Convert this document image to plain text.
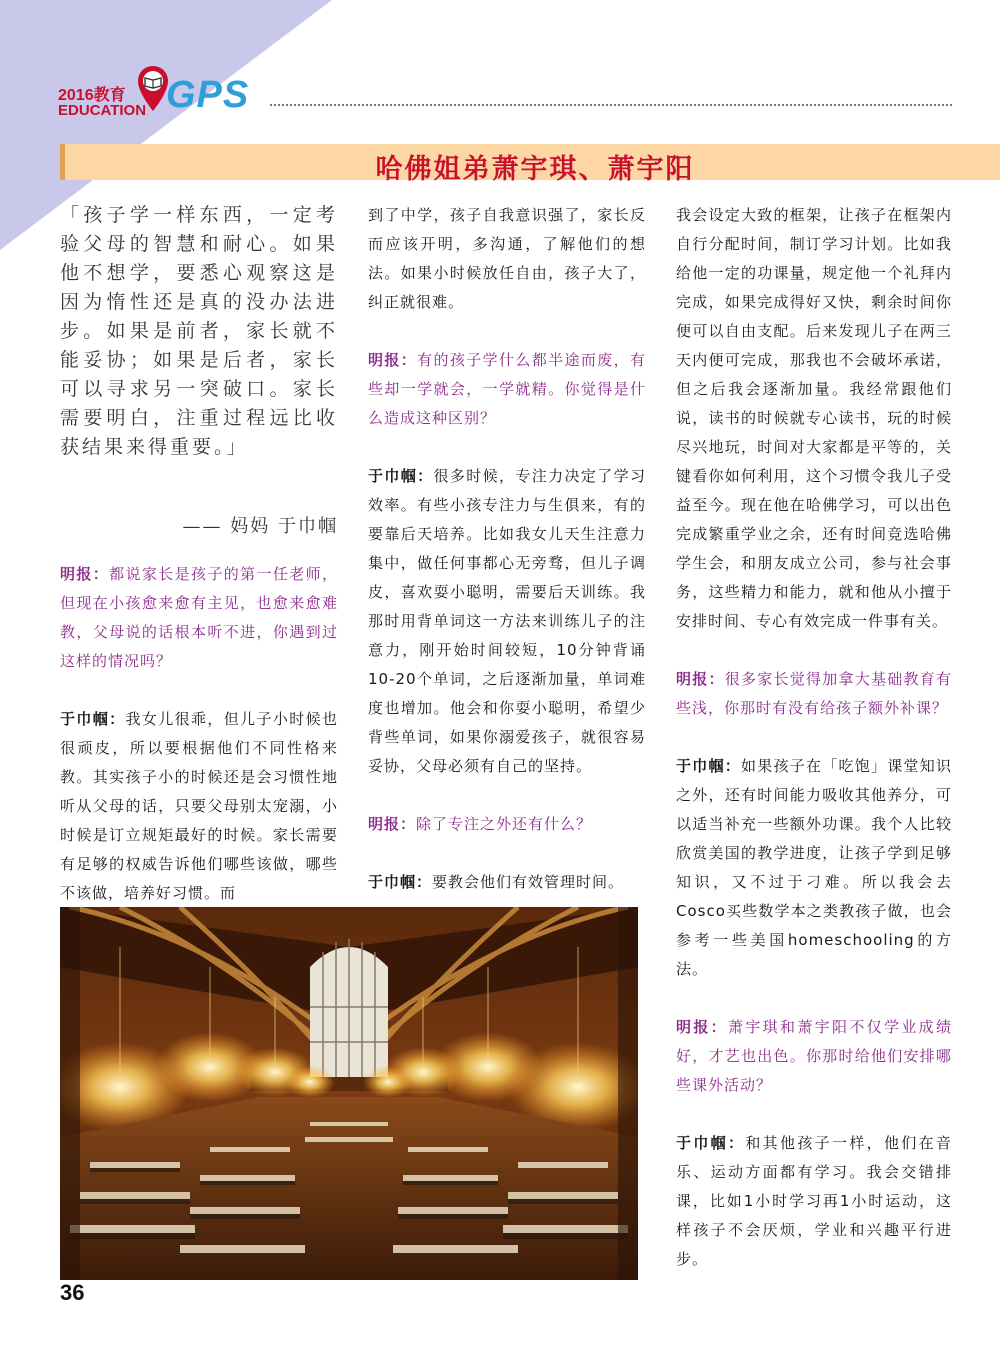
2016教育
EDUCATION GPS
哈佛姐弟萧宇琪、萧宇阳
「孩子学一样东西，一定考验父母的智慧和耐心。如果他不想学，要悉心观察这是因为惰性还是真的没办法进步。如果是前者，家长就不能妥协；如果是后者，家长可以寻求另一突破口。家长需要明白，注重过程远比收获结果来得重要。」
—— 妈妈 于巾帼

明报：都说家长是孩子的第一任老师，但现在小孩愈来愈有主见，也愈来愈难教，父母说的话根本听不进，你遇到过这样的情况吗？

于巾帼：我女儿很乖，但儿子小时候也很顽皮，所以要根据他们不同性格来教。其实孩子小的时候还是会习惯性地听从父母的话，只要父母别太宠溺，小时候是订立规矩最好的时候。家长需要有足够的权威告诉他们哪些该做，哪些不该做，培养好习惯。而

到了中学，孩子自我意识强了，家长反而应该开明，多沟通，了解他们的想法。如果小时候放任自由，孩子大了，纠正就很难。

明报：有的孩子学什么都半途而废，有些却一学就会，一学就精。你觉得是什么造成这种区别？

于巾帼：很多时候，专注力决定了学习效率。有些小孩专注力与生俱来，有的要靠后天培养。比如我女儿天生注意力集中，做任何事都心无旁骛，但儿子调皮，喜欢耍小聪明，需要后天训练。我那时用背单词这一方法来训练儿子的注意力，刚开始时间较短，10分钟背诵10-20个单词，之后逐渐加量，单词难度也增加。他会和你耍小聪明，希望少背些单词，如果你溺爱孩子，就很容易妥协，父母必须有自己的坚持。

明报：除了专注之外还有什么？

于巾帼：要教会他们有效管理时间。

我会设定大致的框架，让孩子在框架内自行分配时间，制订学习计划。比如我给他一定的功课量，规定他一个礼拜内完成，如果完成得好又快，剩余时间你便可以自由支配。后来发现儿子在两三天内便可完成，那我也不会破坏承诺，但之后我会逐渐加量。我经常跟他们说，读书的时候就专心读书，玩的时候尽兴地玩，时间对大家都是平等的，关键看你如何利用，这个习惯令我儿子受益至今。现在他在哈佛学习，可以出色完成繁重学业之余，还有时间竞选哈佛学生会，和朋友成立公司，参与社会事务，这些精力和能力，就和他从小擅于安排时间、专心有效完成一件事有关。

明报：很多家长觉得加拿大基础教育有些浅，你那时有没有给孩子额外补课？

于巾帼：如果孩子在「吃饱」课堂知识之外，还有时间能力吸收其他养分，可以适当补充一些额外功课。我个人比较欣赏美国的教学进度，让孩子学到足够知识，又不过于刁难。所以我会去Cosco买些数学本之类教孩子做，也会参考一些美国homeschooling的方法。

明报：萧宇琪和萧宇阳不仅学业成绩好，才艺也出色。你那时给他们安排哪些课外活动？

于巾帼：和其他孩子一样，他们在音乐、运动方面都有学习。我会交错排课，比如1小时学习再1小时运动，这样孩子不会厌烦，学业和兴趣平行进步。

36
